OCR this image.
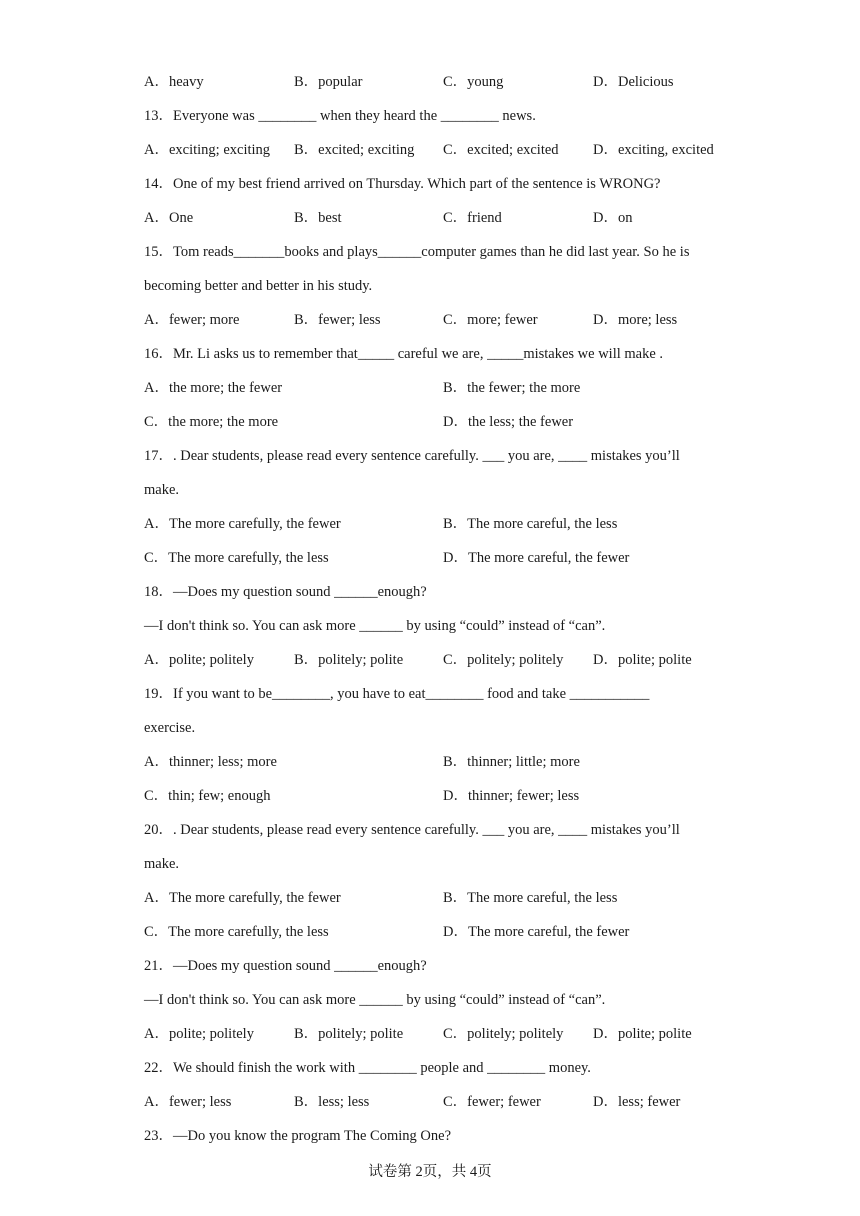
A．heavy	B．popular	C．young	D．Delicious
13．Everyone was ________ when they heard the ________ news.
A．exciting; exciting B．excited; exciting C．excited; excited D．exciting, excited
14．One of my best friend arrived on Thursday. Which part of the sentence is WRONG?
A．One	B．best	C．friend	D．on
15．Tom reads_______books and plays______computer games than he did last year. So he is
becoming better and better in his study.
A．fewer; more	B．fewer; less	C．more; fewer	D．more; less
16．Mr. Li asks us to remember that_____ careful we are, _____mistakes we will make .
A．the more; the fewer	B．the fewer; the more
C．the more; the more	D．the less; the fewer
17．. Dear students, please read every sentence carefully. ___ you are, ____ mistakes you’ll
make.
A．The more carefully, the fewer	B．The more careful, the less
C．The more carefully, the less	D．The more careful, the fewer
18．—Does my question sound ______enough?
—I don't think so. You can ask more ______ by using “could” instead of “can”.
A．polite; politely	B．politely; polite	C．politely; politely D．polite; polite
19．If you want to be________, you have to eat________ food and take ___________
exercise.
A．thinner; less; more	B．thinner; little; more
C．thin; few; enough	D．thinner; fewer; less
20．. Dear students, please read every sentence carefully. ___ you are, ____ mistakes you’ll
make.
A．The more carefully, the fewer	B．The more careful, the less
C．The more carefully, the less	D．The more careful, the fewer
21．—Does my question sound ______enough?
—I don't think so. You can ask more ______ by using “could” instead of “can”.
A．polite; politely	B．politely; polite	C．politely; politely D．polite; polite
22．We should finish the work with ________ people and ________ money.
A．fewer; less	B．less; less	C．fewer; fewer	D．less; fewer
23．—Do you know the program The Coming One?
试卷第 2页，共 4页
